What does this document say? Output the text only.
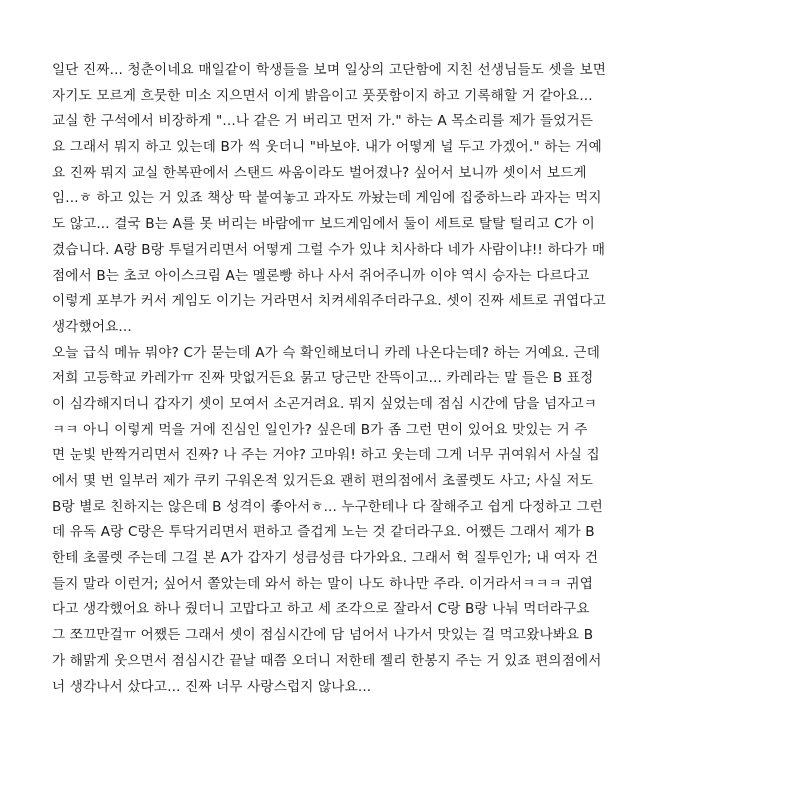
일단 진짜... 청춘이네요 매일같이 학생들을 보며 일상의 고단함에 지친 선생님들도 셋을 보면
자기도 모르게 흐뭇한 미소 지으면서 이게 밝음이고 풋풋함이지 하고 기록해할 거 같아요...
교실 한 구석에서 비장하게 "...나 같은 거 버리고 먼저 가." 하는 A 목소리를 제가 들었거든
요 그래서 뭐지 하고 있는데 B가 씩 웃더니 "바보야. 내가 어떻게 널 두고 가겠어." 하는 거예
요 진짜 뭐지 교실 한복판에서 스탠드 싸움이라도 벌어졌나? 싶어서 보니까 셋이서 보드게
임...ㅎ 하고 있는 거 있죠 책상 딱 붙여놓고 과자도 까놨는데 게임에 집중하느라 과자는 먹지
도 않고... 결국 B는 A를 못 버리는 바람에ㅠ 보드게임에서 둘이 세트로 탈탈 털리고 C가 이
겼습니다. A랑 B랑 투덜거리면서 어떻게 그럴 수가 있냐 치사하다 네가 사람이냐!! 하다가 매
점에서 B는 초코 아이스크림 A는 멜론빵 하나 사서 쥐어주니까 이야 역시 승자는 다르다고
이렇게 포부가 커서 게임도 이기는 거라면서 치켜세워주더라구요. 셋이 진짜 세트로 귀엽다고
생각했어요...
오늘 급식 메뉴 뭐야? C가 묻는데 A가 슥 확인해보더니 카레 나온다는데? 하는 거예요. 근데
저희 고등학교 카레가ㅠ 진짜 맛없거든요 묽고 당근만 잔뜩이고... 카레라는 말 들은 B 표정
이 심각해지더니 갑자기 셋이 모여서 소곤거려요. 뭐지 싶었는데 점심 시간에 담을 넘자고ㅋ
ㅋㅋ 아니 이렇게 먹을 거에 진심인 일인가? 싶은데 B가 좀 그런 면이 있어요 맛있는 거 주
면 눈빛 반짝거리면서 진짜? 나 주는 거야? 고마워! 하고 웃는데 그게 너무 귀여워서 사실 집
에서 몇 번 일부러 제가 쿠키 구워온적 있거든요 괜히 편의점에서 초콜렛도 사고; 사실 저도
B랑 별로 친하지는 않은데 B 성격이 좋아서ㅎ... 누구한테나 다 잘해주고 쉽게 다정하고 그런
데 유독 A랑 C랑은 투닥거리면서 편하고 즐겁게 노는 것 같더라구요. 어쨌든 그래서 제가 B
한테 초콜렛 주는데 그걸 본 A가 갑자기 성큼성큼 다가와요. 그래서 헉 질투인가; 내 여자 건
들지 말라 이런거; 싶어서 쫄았는데 와서 하는 말이 나도 하나만 주라. 이거라서ㅋㅋㅋ 귀엽
다고 생각했어요 하나 줬더니 고맙다고 하고 세 조각으로 잘라서 C랑 B랑 나눠 먹더라구요
그 쪼끄만걸ㅠ 어쨌든 그래서 셋이 점심시간에 담 넘어서 나가서 맛있는 걸 먹고왔나봐요 B
가 해맑게 웃으면서 점심시간 끝날 때쯤 오더니 저한테 젤리 한봉지 주는 거 있죠 편의점에서
너 생각나서 샀다고... 진짜 너무 사랑스럽지 않나요...
